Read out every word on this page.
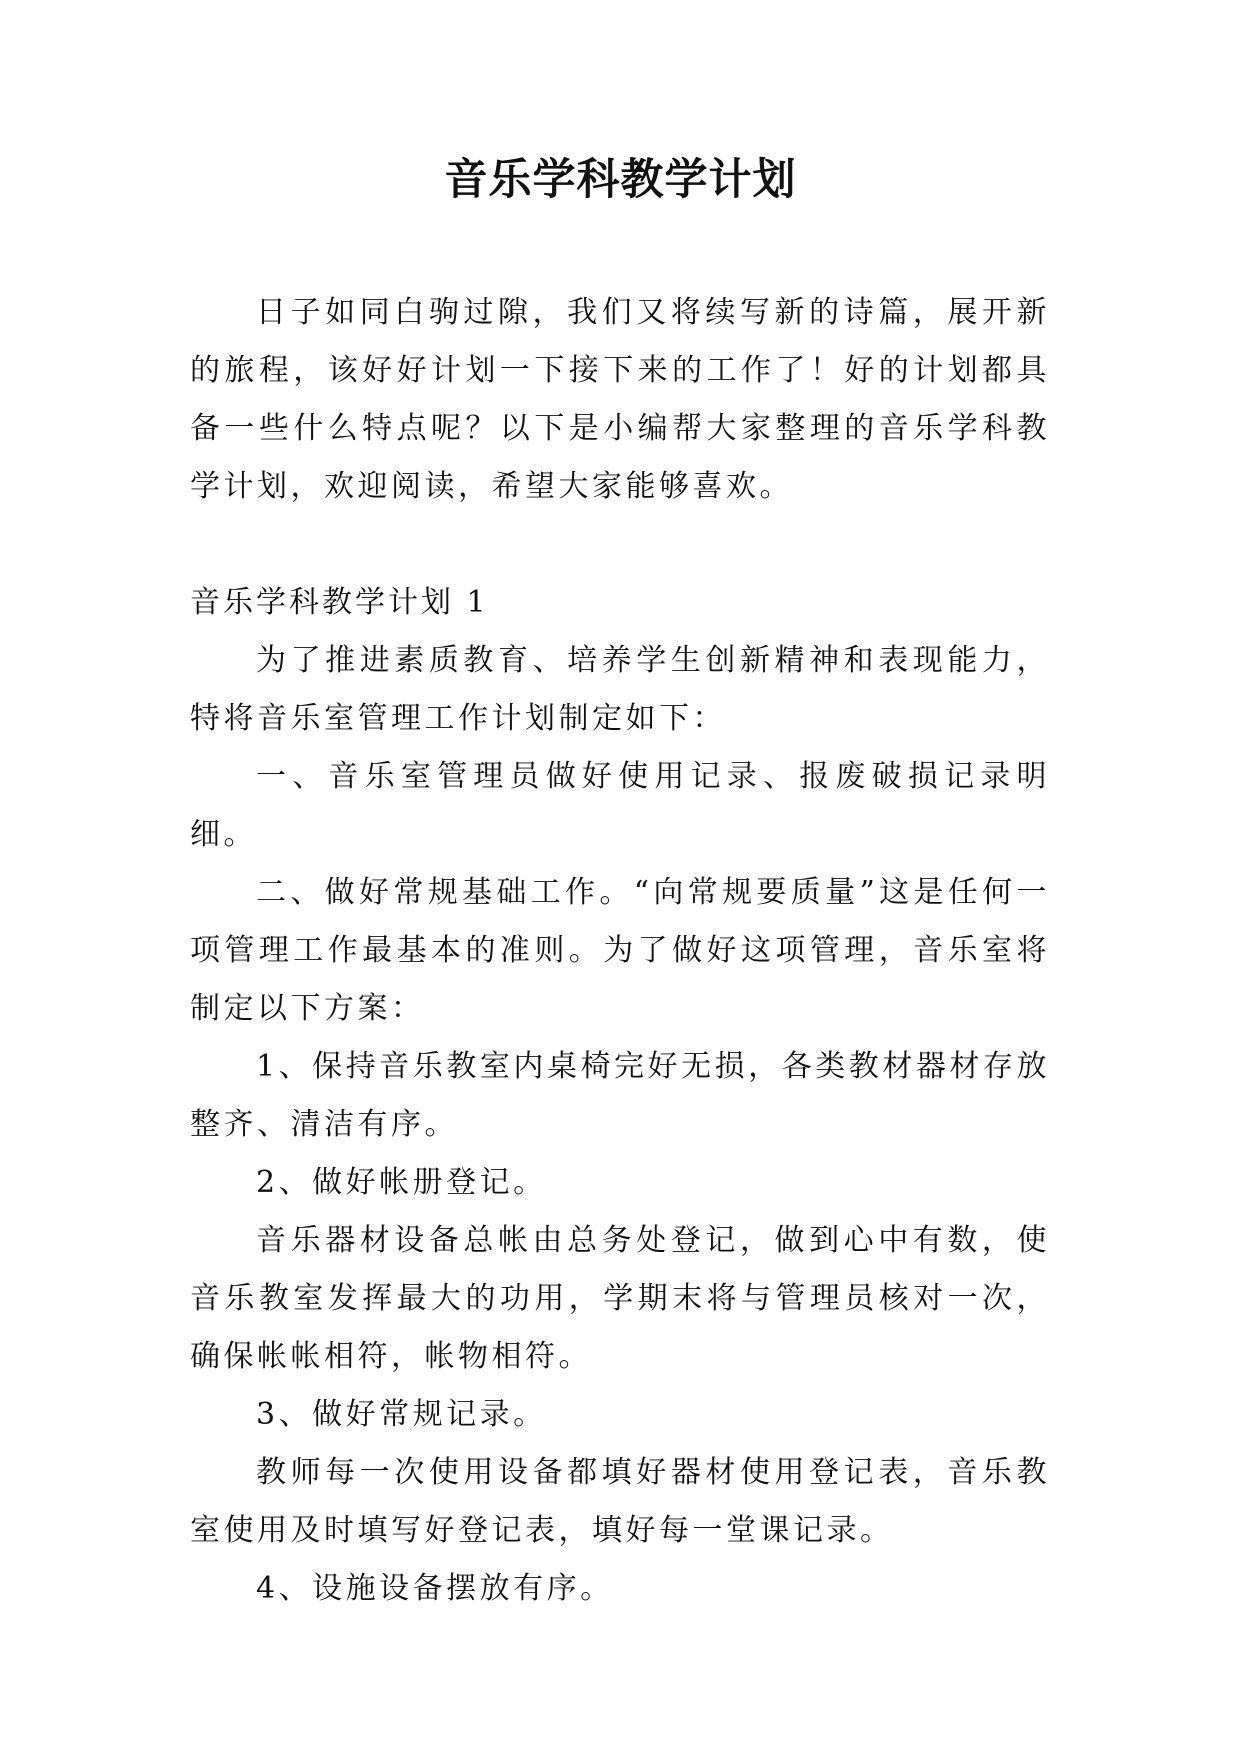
音乐学科教学计划

日子如同白驹过隙，我们又将续写新的诗篇，展开新的旅程，该好好计划一下接下来的工作了！好的计划都具备一些什么特点呢？以下是小编帮大家整理的音乐学科教学计划，欢迎阅读，希望大家能够喜欢。

音乐学科教学计划 1

为了推进素质教育、培养学生创新精神和表现能力，特将音乐室管理工作计划制定如下：

一、音乐室管理员做好使用记录、报废破损记录明细。

二、做好常规基础工作。“向常规要质量”这是任何一项管理工作最基本的准则。为了做好这项管理，音乐室将制定以下方案：

1、保持音乐教室内桌椅完好无损，各类教材器材存放整齐、清洁有序。

2、做好帐册登记。

音乐器材设备总帐由总务处登记，做到心中有数，使音乐教室发挥最大的功用，学期末将与管理员核对一次，确保帐帐相符，帐物相符。

3、做好常规记录。

教师每一次使用设备都填好器材使用登记表，音乐教室使用及时填写好登记表，填好每一堂课记录。

4、设施设备摆放有序。
